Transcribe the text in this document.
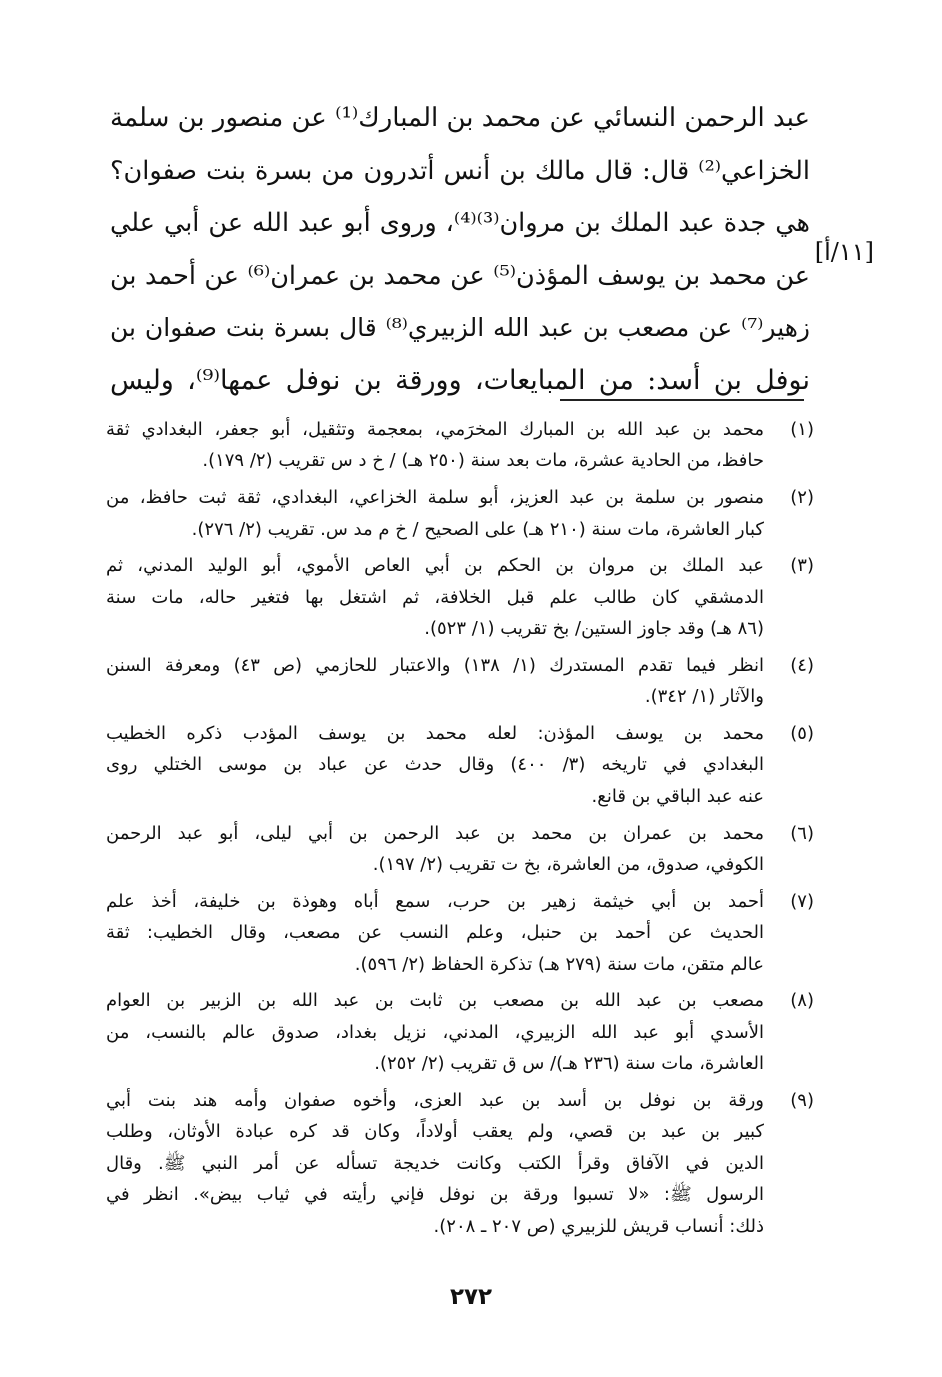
عبد الرحمن النسائي عن محمد بن المبارك⁽¹⁾ عن منصور بن سلمة
الخزاعي⁽²⁾ قال: قال مالك بن أنس أتدرون من بسرة بنت صفوان؟
هي جدة عبد الملك بن مروان⁽³⁾⁽⁴⁾، وروى أبو عبد الله عن أبي علي
عن محمد بن يوسف المؤذن⁽⁵⁾ عن محمد بن عمران⁽⁶⁾ عن أحمد بن
زهير⁽⁷⁾ عن مصعب بن عبد الله الزبيري⁽⁸⁾ قال بسرة بنت صفوان بن
نوفل بن أسد: من المبايعات، وورقة بن نوفل عمها⁽⁹⁾، وليس
[١١/أ]
(١)
محمد بن عبد الله بن المبارك المخرَمي، بمعجمة وتثقيل، أبو جعفر، البغدادي ثقة
حافظ، من الحادية عشرة، مات بعد سنة (٢٥٠ هـ) / خ د س تقريب (٢/ ١٧٩).
(٢)
منصور بن سلمة بن عبد العزيز، أبو سلمة الخزاعي، البغدادي، ثقة ثبت حافظ، من
كبار العاشرة، مات سنة (٢١٠ هـ) على الصحيح / خ م مد س. تقريب (٢/ ٢٧٦).
(٣)
عبد الملك بن مروان بن الحكم بن أبي العاص الأموي، أبو الوليد المدني، ثم
الدمشقي كان طالب علم قبل الخلافة، ثم اشتغل بها فتغير حاله، مات سنة
(٨٦ هـ) وقد جاوز الستين/ بخ تقريب (١/ ٥٢٣).
(٤)
انظر فيما تقدم المستدرك (١/ ١٣٨) والاعتبار للحازمي (ص ٤٣) ومعرفة السنن
والآثار (١/ ٣٤٢).
(٥)
محمد بن يوسف المؤذن: لعله محمد بن يوسف المؤدب ذكره الخطيب
البغدادي في تاريخه (٣/ ٤٠٠) وقال حدث عن عباد بن موسى الختلي روى
عنه عبد الباقي بن قانع.
(٦)
محمد بن عمران بن محمد بن عبد الرحمن بن أبي ليلى، أبو عبد الرحمن
الكوفي، صدوق، من العاشرة، بخ ت تقريب (٢/ ١٩٧).
(٧)
أحمد بن أبي خيثمة زهير بن حرب، سمع أباه وهوذة بن خليفة، أخذ علم
الحديث عن أحمد بن حنبل، وعلم النسب عن مصعب، وقال الخطيب: ثقة
عالم متقن، مات سنة (٢٧٩ هـ) تذكرة الحفاظ (٢/ ٥٩٦).
(٨)
مصعب بن عبد الله بن مصعب بن ثابت بن عبد الله بن الزبير بن العوام
الأسدي أبو عبد الله الزبيري، المدني، نزيل بغداد، صدوق عالم بالنسب، من
العاشرة، مات سنة (٢٣٦ هـ)/ س ق تقريب (٢/ ٢٥٢).
(٩)
ورقة بن نوفل بن أسد بن عبد العزى، وأخوه صفوان وأمه هند بنت أبي
كبير بن عبد بن قصي، ولم يعقب أولاداً، وكان قد كره عبادة الأوثان، وطلب
الدين في الآفاق وقرأ الكتب وكانت خديجة تسأله عن أمر النبي ﷺ. وقال
الرسول ﷺ: «لا تسبوا ورقة بن نوفل فإني رأيته في ثياب بيض». انظر في
ذلك: أنساب قريش للزبيري (ص ٢٠٧ ـ ٢٠٨).
٢٧٢
